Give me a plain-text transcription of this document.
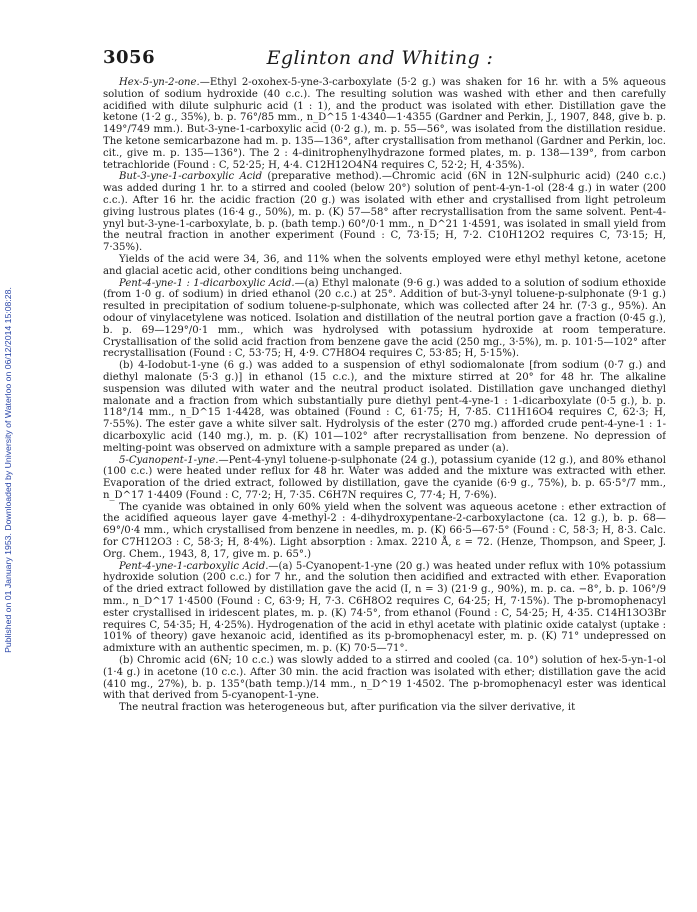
3056	Eglinton and Whiting :
Published on 01 January 1953. Downloaded by University of Waterloo on 06/12/2014 15:08:28.

Hex-5-yn-2-one.—Ethyl 2-oxohex-5-yne-3-carboxylate (5·2 g.) was shaken for 16 hr. with a 5% aqueous solution of sodium hydroxide (40 c.c.). The resulting solution was washed with ether and then carefully acidified with dilute sulphuric acid (1 : 1), and the product was isolated with ether. Distillation gave the ketone (1·2 g., 35%), b. p. 76°/85 mm., n_D^15 1·4340—1·4355 (Gardner and Perkin, J., 1907, 848, give b. p. 149°/749 mm.). But-3-yne-1-carboxylic acid (0·2 g.), m. p. 55—56°, was isolated from the distillation residue. The ketone semicarbazone had m. p. 135—136°, after crystallisation from methanol (Gardner and Perkin, loc. cit., give m. p. 135—136°). The 2 : 4-dinitrophenylhydrazone formed plates, m. p. 138—139°, from carbon tetrachloride (Found : C, 52·25; H, 4·4. C12H12O4N4 requires C, 52·2; H, 4·35%).

But-3-yne-1-carboxylic Acid (preparative method).—Chromic acid (6N in 12N-sulphuric acid) (240 c.c.) was added during 1 hr. to a stirred and cooled (below 20°) solution of pent-4-yn-1-ol (28·4 g.) in water (200 c.c.). After 16 hr. the acidic fraction (20 g.) was isolated with ether and crystallised from light petroleum giving lustrous plates (16·4 g., 50%), m. p. (K) 57—58° after recrystallisation from the same solvent. Pent-4-ynyl but-3-yne-1-carboxylate, b. p. (bath temp.) 60°/0·1 mm., n_D^21 1·4591, was isolated in small yield from the neutral fraction in another experiment (Found : C, 73·15; H, 7·2. C10H12O2 requires C, 73·15; H, 7·35%).

Yields of the acid were 34, 36, and 11% when the solvents employed were ethyl methyl ketone, acetone and glacial acetic acid, other conditions being unchanged.

Pent-4-yne-1 : 1-dicarboxylic Acid.—(a) Ethyl malonate (9·6 g.) was added to a solution of sodium ethoxide (from 1·0 g. of sodium) in dried ethanol (20 c.c.) at 25°. Addition of but-3-ynyl toluene-p-sulphonate (9·1 g.) resulted in precipitation of sodium toluene-p-sulphonate, which was collected after 24 hr. (7·3 g., 95%). An odour of vinylacetylene was noticed. Isolation and distillation of the neutral portion gave a fraction (0·45 g.), b. p. 69—129°/0·1 mm., which was hydrolysed with potassium hydroxide at room temperature. Crystallisation of the solid acid fraction from benzene gave the acid (250 mg., 3·5%), m. p. 101·5—102° after recrystallisation (Found : C, 53·75; H, 4·9. C7H8O4 requires C, 53·85; H, 5·15%).

(b) 4-Iodobut-1-yne (6 g.) was added to a suspension of ethyl sodiomalonate [from sodium (0·7 g.) and diethyl malonate (5·3 g.)] in ethanol (15 c.c.), and the mixture stirred at 20° for 48 hr. The alkaline suspension was diluted with water and the neutral product isolated. Distillation gave unchanged diethyl malonate and a fraction from which substantially pure diethyl pent-4-yne-1 : 1-dicarboxylate (0·5 g.), b. p. 118°/14 mm., n_D^15 1·4428, was obtained (Found : C, 61·75; H, 7·85. C11H16O4 requires C, 62·3; H, 7·55%). The ester gave a white silver salt. Hydrolysis of the ester (270 mg.) afforded crude pent-4-yne-1 : 1-dicarboxylic acid (140 mg.), m. p. (K) 101—102° after recrystallisation from benzene. No depression of melting-point was observed on admixture with a sample prepared as under (a).

5-Cyanopent-1-yne.—Pent-4-ynyl toluene-p-sulphonate (24 g.), potassium cyanide (12 g.), and 80% ethanol (100 c.c.) were heated under reflux for 48 hr. Water was added and the mixture was extracted with ether. Evaporation of the dried extract, followed by distillation, gave the cyanide (6·9 g., 75%), b. p. 65·5°/7 mm., n_D^17 1·4409 (Found : C, 77·2; H, 7·35. C6H7N requires C, 77·4; H, 7·6%).

The cyanide was obtained in only 60% yield when the solvent was aqueous acetone : ether extraction of the acidified aqueous layer gave 4-methyl-2 : 4-dihydroxypentane-2-carboxylactone (ca. 12 g.), b. p. 68—69°/0·4 mm., which crystallised from benzene in needles, m. p. (K) 66·5—67·5° (Found : C, 58·3; H, 8·3. Calc. for C7H12O3 : C, 58·3; H, 8·4%). Light absorption : λmax. 2210 Å, ε = 72. (Henze, Thompson, and Speer, J. Org. Chem., 1943, 8, 17, give m. p. 65°.)

Pent-4-yne-1-carboxylic Acid.—(a) 5-Cyanopent-1-yne (20 g.) was heated under reflux with 10% potassium hydroxide solution (200 c.c.) for 7 hr., and the solution then acidified and extracted with ether. Evaporation of the dried extract followed by distillation gave the acid (I, n = 3) (21·9 g., 90%), m. p. ca. −8°, b. p. 106°/9 mm., n_D^17 1·4500 (Found : C, 63·9; H, 7·3. C6H8O2 requires C, 64·25; H, 7·15%). The p-bromophenacyl ester crystallised in iridescent plates, m. p. (K) 74·5°, from ethanol (Found : C, 54·25; H, 4·35. C14H13O3Br requires C, 54·35; H, 4·25%). Hydrogenation of the acid in ethyl acetate with platinic oxide catalyst (uptake : 101% of theory) gave hexanoic acid, identified as its p-bromophenacyl ester, m. p. (K) 71° undepressed on admixture with an authentic specimen, m. p. (K) 70·5—71°.

(b) Chromic acid (6N; 10 c.c.) was slowly added to a stirred and cooled (ca. 10°) solution of hex-5-yn-1-ol (1·4 g.) in acetone (10 c.c.). After 30 min. the acid fraction was isolated with ether; distillation gave the acid (410 mg., 27%), b. p. 135°(bath temp.)/14 mm., n_D^19 1·4502. The p-bromophenacyl ester was identical with that derived from 5-cyanopent-1-yne.

The neutral fraction was heterogeneous but, after purification via the silver derivative, it
